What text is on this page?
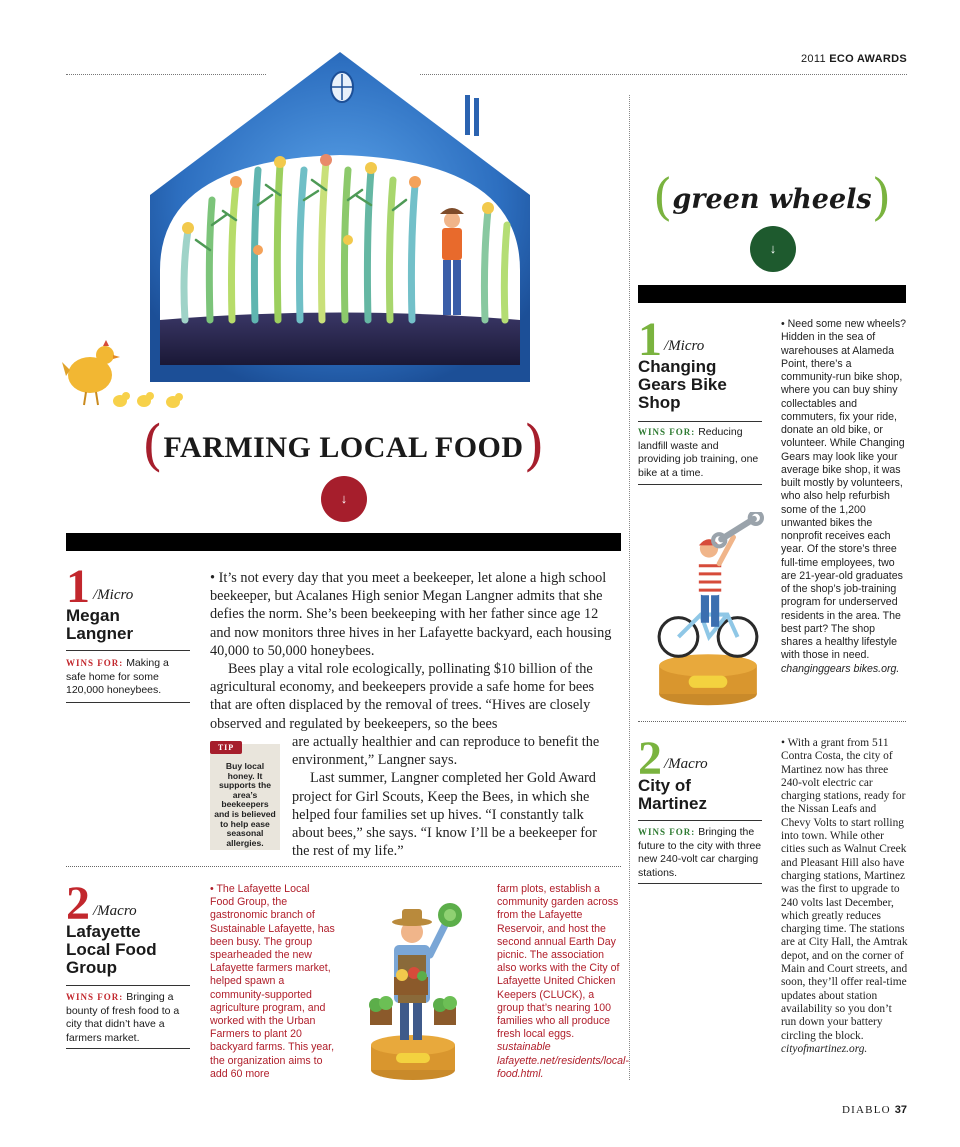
2011 ECO AWARDS
(FARMING LOCAL FOOD)
↓
1 /Micro
Megan
Langner
WINS FOR: Making a safe home for some 120,000 honeybees.

• It’s not every day that you meet a beekeeper, let alone a high school beekeeper, but Acalanes High senior Megan Langner admits that she defies the norm. She’s been beekeeping with her father since age 12 and now monitors three hives in her Lafayette backyard, each housing 40,000 to 50,000 honeybees.

Bees play a vital role ecologically, pollinating $10 billion of the agricultural economy, and beekeepers provide a safe home for bees that are often displaced by the removal of trees. “Hives are closely observed and regulated by beekeepers, so the bees

are actually healthier and can reproduce to benefit the environment,” Langner says.

Last summer, Langner completed her Gold Award project for Girl Scouts, Keep the Bees, in which she helped four families set up hives. “I constantly talk about bees,” she says. “I know I’ll be a beekeeper for the rest of my life.”

TIP
Buy local honey. It supports the area’s beekeepers and is believed to help ease seasonal allergies.
2 /Macro
Lafayette
Local Food
Group
WINS FOR: Bringing a bounty of fresh food to a city that didn’t have a farmers market.
• The Lafayette Local Food Group, the gastronomic branch of Sustainable Lafayette, has been busy. The group spearheaded the new Lafayette farmers market, helped spawn a community-supported agriculture program, and worked with the Urban Farmers to plant 20 backyard farms. This year, the organization aims to add 60 more
farm plots, establish a community garden across from the Lafayette Reservoir, and host the second annual Earth Day picnic. The association also works with the City of Lafayette United Chicken Keepers (CLUCK), a group that’s nearing 100 families who all produce fresh local eggs. sustainable lafayette.net/residents/local-food.html.
(green wheels)
↓
1 /Micro
Changing
Gears Bike
Shop
WINS FOR: Reducing landfill waste and providing job training, one bike at a time.
• Need some new wheels? Hidden in the sea of warehouses at Alameda Point, there’s a community-run bike shop, where you can buy shiny collectables and commuters, fix your ride, donate an old bike, or volunteer. While Changing Gears may look like your average bike shop, it was built mostly by volunteers, who also help refurbish some of the 1,200 unwanted bikes the nonprofit receives each year. Of the store’s three full-time employees, two are 21-year-old graduates of the shop’s job-training program for underserved residents in the area. The best part? The shop shares a healthy lifestyle with those in need. changinggears bikes.org.
2 /Macro
City of
Martinez
WINS FOR: Bringing the future to the city with three new 240-volt car charging stations.
• With a grant from 511 Contra Costa, the city of Martinez now has three 240-volt electric car charging stations, ready for the Nissan Leafs and Chevy Volts to start rolling into town. While other cities such as Walnut Creek and Pleasant Hill also have charging stations, Martinez was the first to upgrade to 240 volts last December, which greatly reduces charging time. The stations are at City Hall, the Amtrak depot, and on the corner of Main and Court streets, and soon, they’ll offer real-time updates about station availability so you don’t run down your battery circling the block. cityofmartinez.org.
DIABLO 37
